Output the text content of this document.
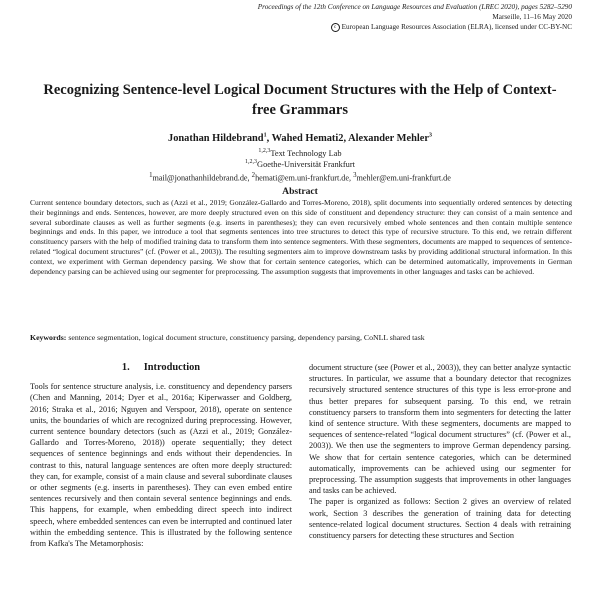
Proceedings of the 12th Conference on Language Resources and Evaluation (LREC 2020), pages 5282–5290
Marseille, 11–16 May 2020
c European Language Resources Association (ELRA), licensed under CC-BY-NC
Recognizing Sentence-level Logical Document Structures with the Help of Context-free Grammars
Jonathan Hildebrand$^1$, Wahed Hemati2, Alexander Mehler$^3$
$^{1,2,3}$Text Technology Lab
$^{1,2,3}$Goethe-Universität Frankfurt
$^1$mail@jonathanhildebrand.de, $^2$hemati@em.uni-frankfurt.de, $^3$mehler@em.uni-frankfurt.de
Abstract
Current sentence boundary detectors, such as (Azzi et al., 2019; González-Gallardo and Torres-Moreno, 2018), split documents into sequentially ordered sentences by detecting their beginnings and ends. Sentences, however, are more deeply structured even on this side of constituent and dependency structure: they can consist of a main sentence and several subordinate clauses as well as further segments (e.g. inserts in parentheses); they can even recursively embed whole sentences and then contain multiple sentence beginnings and ends. In this paper, we introduce a tool that segments sentences into tree structures to detect this type of recursive structure. To this end, we retrain different constituency parsers with the help of modified training data to transform them into sentence segmenters. With these segmenters, documents are mapped to sequences of sentence-related “logical document structures” (cf. (Power et al., 2003)). The resulting segmenters aim to improve downstream tasks by providing additional structural information. In this context, we experiment with German dependency parsing. We show that for certain sentence categories, which can be determined automatically, improvements in German dependency parsing can be achieved using our segmenter for preprocessing. The assumption suggests that improvements in other languages and tasks can be achieved.
Keywords: sentence segmentation, logical document structure, constituency parsing, dependency parsing, CoNLL shared task
1. Introduction

Tools for sentence structure analysis, i.e. constituency and dependency parsers (Chen and Manning, 2014; Dyer et al., 2016a; Kiperwasser and Goldberg, 2016; Straka et al., 2016; Nguyen and Verspoor, 2018), operate on sentence units, the boundaries of which are recognized during preprocessing. However, current sentence boundary detectors (such as (Azzi et al., 2019; González-Gallardo and Torres-Moreno, 2018)) operate sequentially; they detect sequences of sentence beginnings and ends without their dependencies. In contrast to this, natural language sentences are often more deeply structured: they can, for example, consist of a main clause and several subordinate clauses or other segments (e.g. inserts in parentheses). They can even embed entire sentences recursively and then contain several sentence beginnings and ends. This happens, for example, when embedding direct speech into indirect speech, where embedded sentences can even be interrupted and continued later within the embedding sentence. This is illustrated by the following sentence from Kafka's The Metamorphosis:

document structure (see (Power et al., 2003)), they can better analyze syntactic structures. In particular, we assume that a boundary detector that recognizes recursively structured sentence structures of this type is less error-prone and thus better prepares for subsequent parsing. To this end, we retrain constituency parsers to transform them into segmenters for detecting the latter kind of sentence structure. With these segmenters, documents are mapped to sequences of sentence-related “logical document structures” (cf. (Power et al., 2003)). We then use the segmenters to improve German dependency parsing. We show that for certain sentence categories, which can be determined automatically, improvements can be achieved using our segmenter for preprocessing. The assumption suggests that improvements in other languages and tasks can be achieved.

The paper is organized as follows: Section 2 gives an overview of related work, Section 3 describes the generation of training data for detecting sentence-related logical document structures. Section 4 deals with retraining constituency parsers for detecting these structures and Section
